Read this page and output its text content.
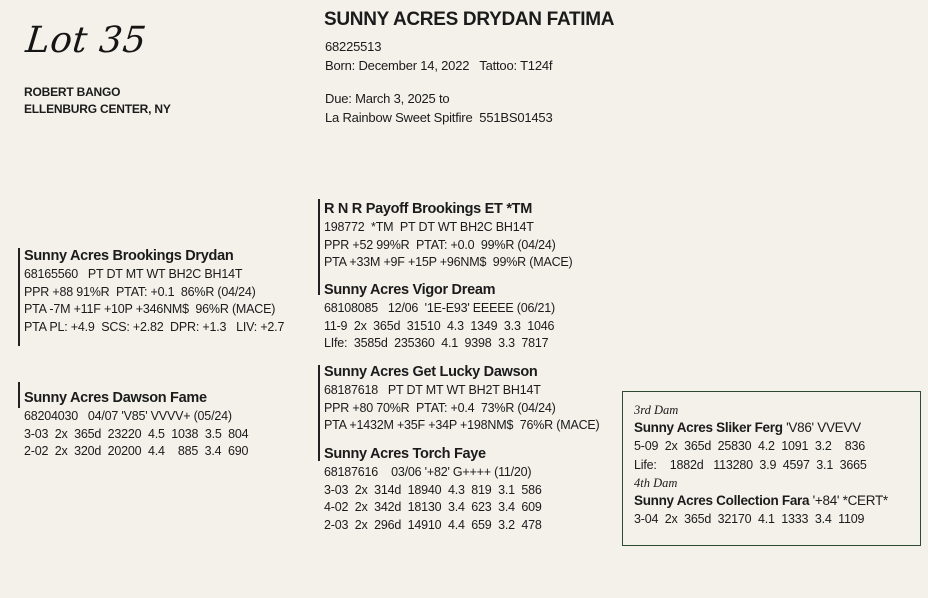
Lot 35
ROBERT BANGO
ELLENBURG CENTER, NY
SUNNY ACRES DRYDAN FATIMA
68225513
Born: December 14, 2022   Tattoo: T124f
Due: March 3, 2025 to
La Rainbow Sweet Spitfire  551BS01453
Sunny Acres Brookings Drydan
68165560   PT DT MT WT BH2C BH14T
PPR +88 91%R  PTAT: +0.1  86%R (04/24)
PTA -7M +11F +10P +346NM$  96%R (MACE)
PTA PL: +4.9  SCS: +2.82  DPR: +1.3   LIV: +2.7
Sunny Acres Dawson Fame
68204030   04/07 'V85' VVVV+ (05/24)
3-03  2x  365d  23220  4.5  1038  3.5  804
2-02  2x  320d  20200  4.4    885  3.4  690
R N R Payoff Brookings ET *TM
198772  *TM  PT DT WT BH2C BH14T
PPR +52 99%R  PTAT: +0.0  99%R (04/24)
PTA +33M +9F +15P +96NM$  99%R (MACE)
Sunny Acres Vigor Dream
68108085   12/06  '1E-E93' EEEEE (06/21)
11-9  2x  365d  31510  4.3  1349  3.3  1046
LIfe:  3585d  235360  4.1  9398  3.3  7817
Sunny Acres Get Lucky Dawson
68187618   PT DT MT WT BH2T BH14T
PPR +80 70%R  PTAT: +0.4  73%R (04/24)
PTA +1432M +35F +34P +198NM$  76%R (MACE)
Sunny Acres Torch Faye
68187616    03/06 '+82' G++++ (11/20)
3-03  2x  314d  18940  4.3  819  3.1  586
4-02  2x  342d  18130  3.4  623  3.4  609
2-03  2x  296d  14910  4.4  659  3.2  478
3rd Dam
Sunny Acres Sliker Ferg 'V86' VVEVV
5-09  2x  365d  25830  4.2  1091  3.2    836
Life:    1882d   113280  3.9  4597  3.1  3665
4th Dam
Sunny Acres Collection Fara '+84' *CERT*
3-04  2x  365d  32170  4.1  1333  3.4  1109
